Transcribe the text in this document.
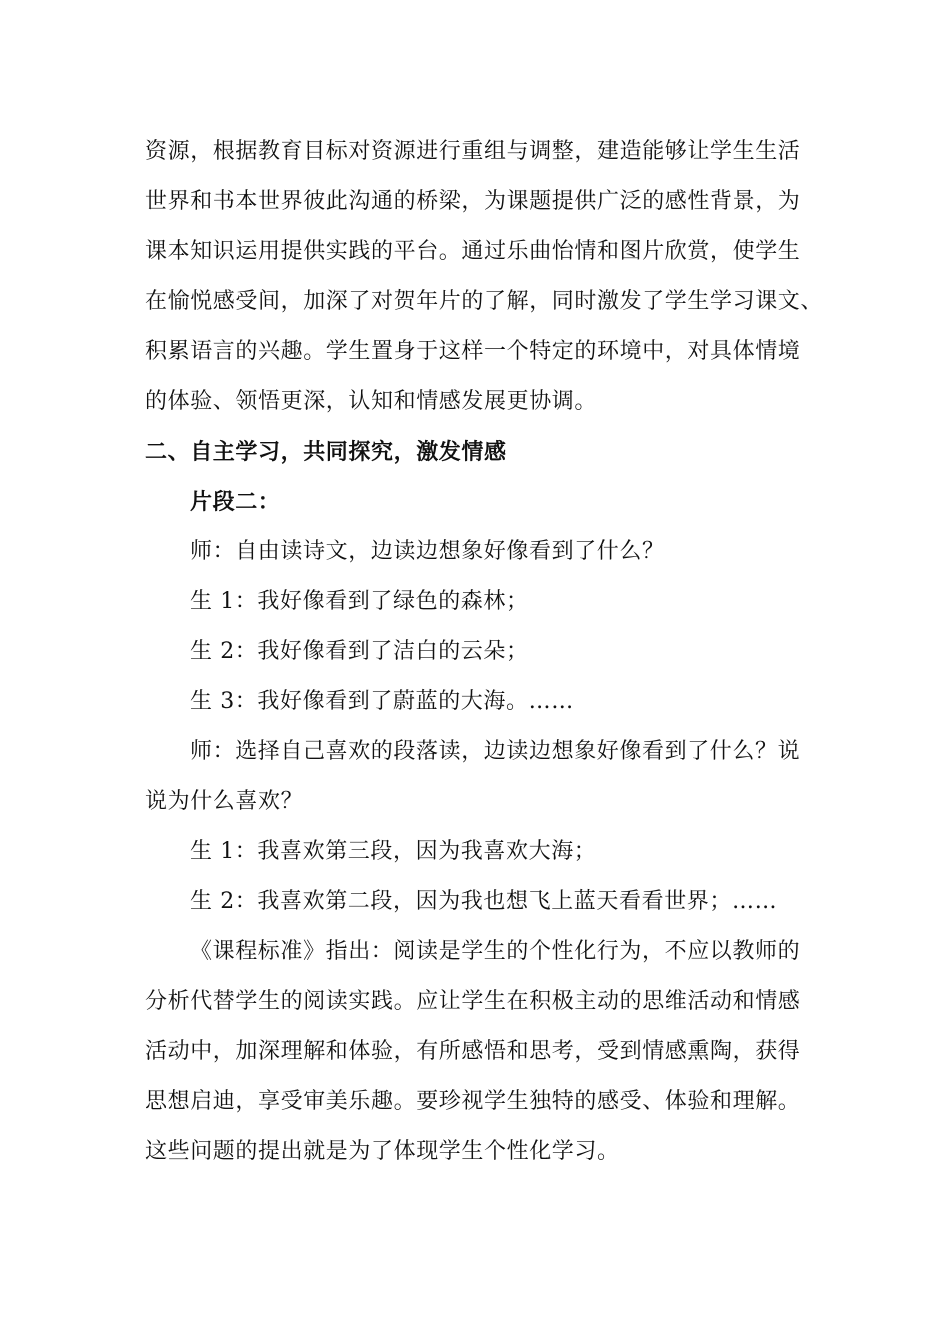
资源，根据教育目标对资源进行重组与调整，建造能够让学生生活
世界和书本世界彼此沟通的桥梁，为课题提供广泛的感性背景，为
课本知识运用提供实践的平台。通过乐曲怡情和图片欣赏，使学生
在愉悦感受间，加深了对贺年片的了解，同时激发了学生学习课文、
积累语言的兴趣。学生置身于这样一个特定的环境中，对具体情境
的体验、领悟更深，认知和情感发展更协调。
二、自主学习，共同探究，激发情感
片段二：
师：自由读诗文，边读边想象好像看到了什么？
生 1：我好像看到了绿色的森林；
生 2：我好像看到了洁白的云朵；
生 3：我好像看到了蔚蓝的大海。……
师：选择自己喜欢的段落读，边读边想象好像看到了什么？说
说为什么喜欢？
生 1：我喜欢第三段，因为我喜欢大海；
生 2：我喜欢第二段，因为我也想飞上蓝天看看世界；……
《课程标准》指出：阅读是学生的个性化行为，不应以教师的
分析代替学生的阅读实践。应让学生在积极主动的思维活动和情感
活动中，加深理解和体验，有所感悟和思考，受到情感熏陶，获得
思想启迪，享受审美乐趣。要珍视学生独特的感受、体验和理解。
这些问题的提出就是为了体现学生个性化学习。
